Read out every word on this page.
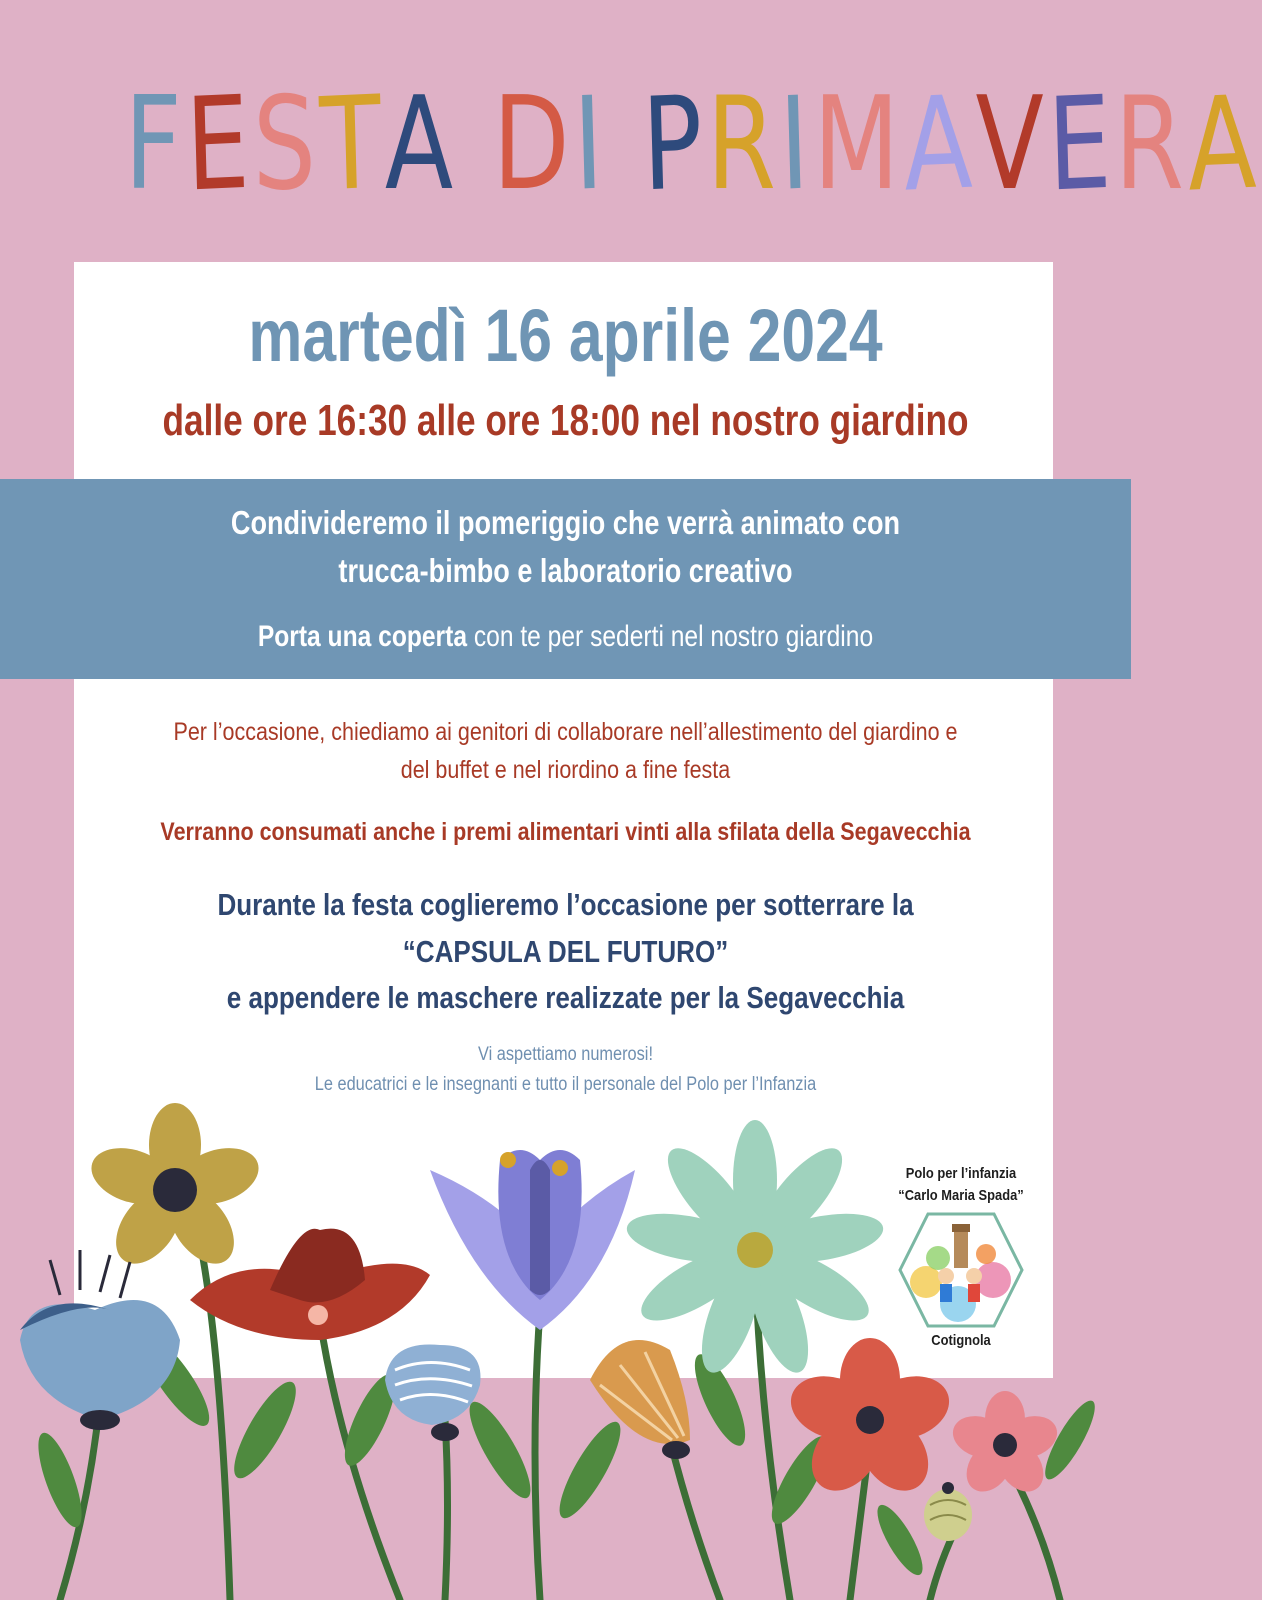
FESTA DI PRIMAVERA

martedì 16 aprile 2024

dalle ore 16:30 alle ore 18:00 nel nostro giardino

Condivideremo il pomeriggio che verrà animato con

trucca-bimbo e laboratorio creativo

Porta una coperta con te per sederti nel nostro giardino

Per l’occasione, chiediamo ai genitori di collaborare nell’allestimento del giardino e

del buffet e nel riordino a fine festa

Verranno consumati anche i premi alimentari vinti alla sfilata della Segavecchia

Durante la festa coglieremo l’occasione per sotterrare la

“CAPSULA DEL FUTURO”

e appendere le maschere realizzate per la Segavecchia

Vi aspettiamo numerosi!

Le educatrici e le insegnanti e tutto il personale del Polo per l’Infanzia

Polo per l’infanzia
“Carlo Maria Spada”
Cotignola
